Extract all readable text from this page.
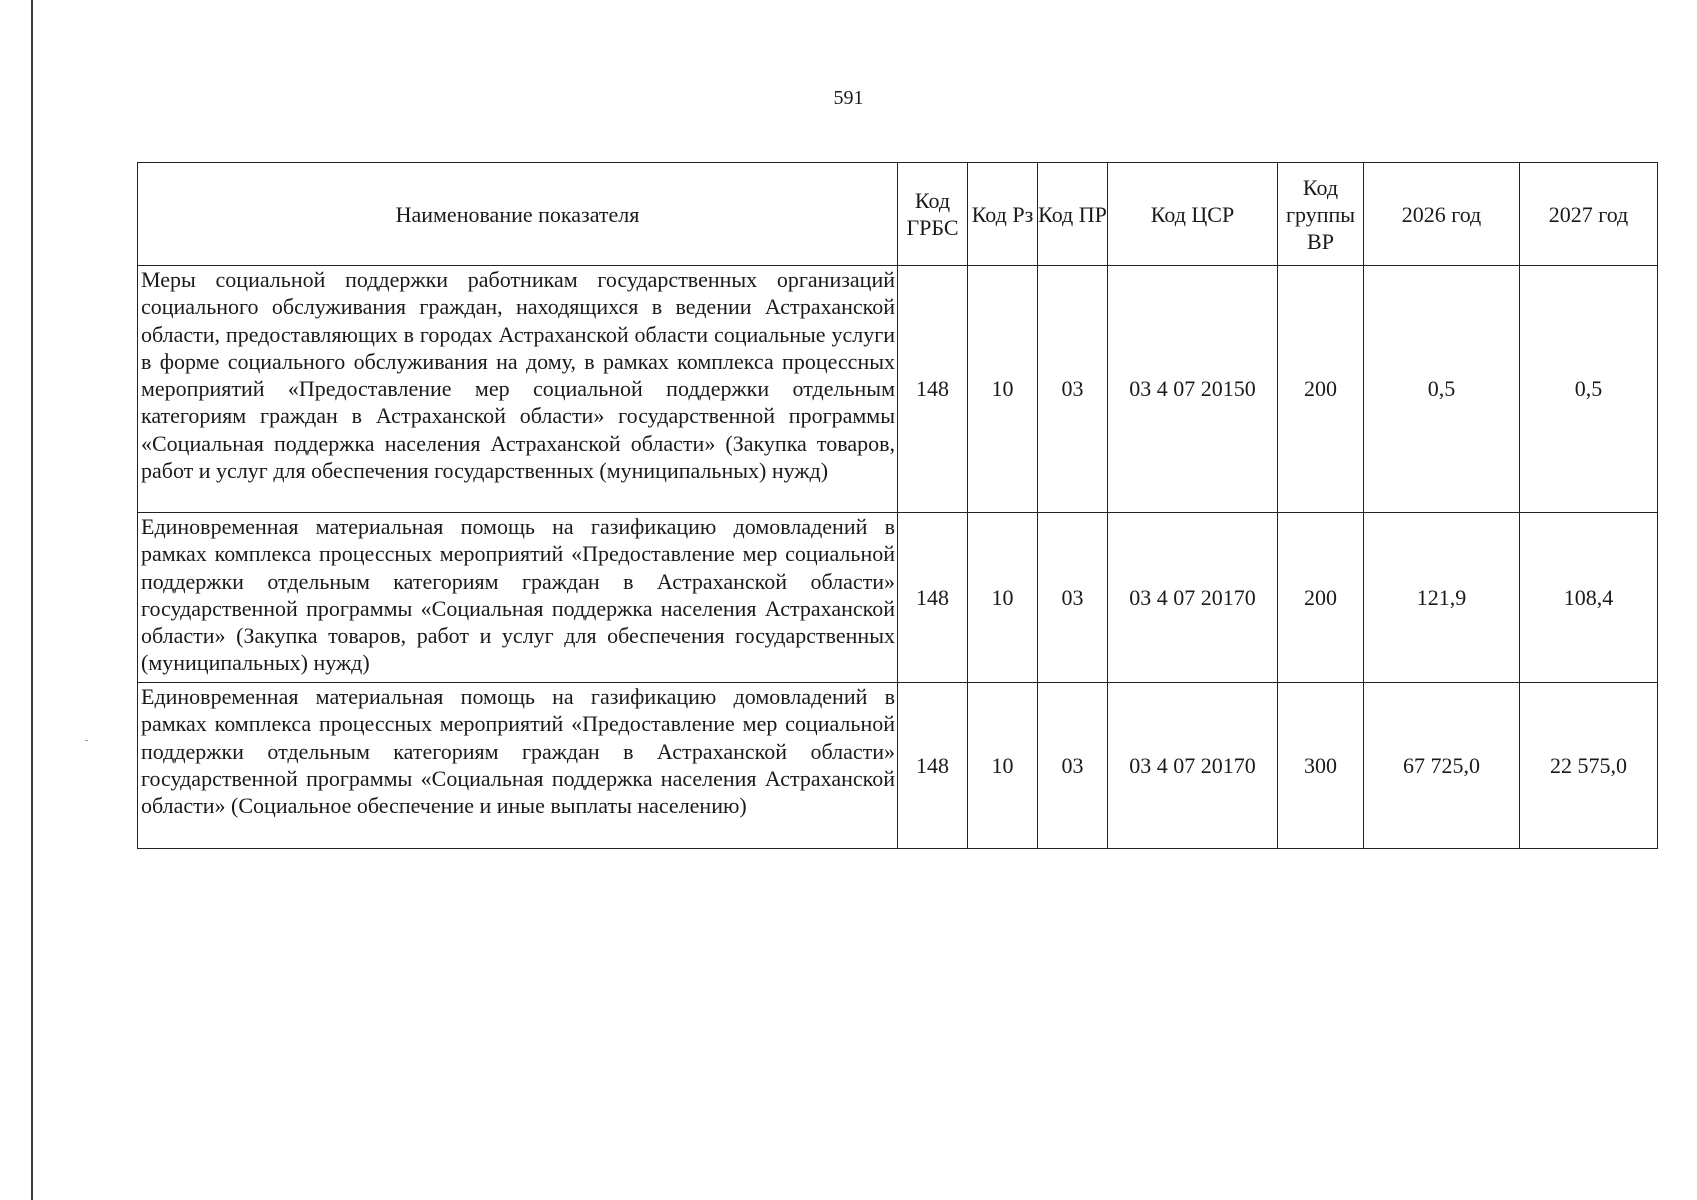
591
Наименование показателя	Код ГРБС	Код Рз	Код ПР	Код ЦСР	Код группы ВР	2026 год	2027 год
Меры социальной поддержки работникам государственных организаций социального обслуживания граждан, находящихся в ведении Астраханской области, предоставляющих в городах Астраханской области социальные услуги в форме социального обслуживания на дому, в рамках комплекса процессных мероприятий «Предоставление мер социальной поддержки отдельным категориям граждан в Астраханской области» государственной программы «Социальная поддержка населения Астраханской области» (Закупка товаров, работ и услуг для обеспечения государственных (муниципальных) нужд)	148	10	03	03 4 07 20150	200	0,5	0,5
Единовременная материальная помощь на газификацию домовладений в рамках комплекса процессных мероприятий «Предоставление мер социальной поддержки отдельным категориям граждан в Астраханской области» государственной программы «Социальная поддержка населения Астраханской области» (Закупка товаров, работ и услуг для обеспечения государственных (муниципальных) нужд)	148	10	03	03 4 07 20170	200	121,9	108,4
Единовременная материальная помощь на газификацию домовладений в рамках комплекса процессных мероприятий «Предоставление мер социальной поддержки отдельным категориям граждан в Астраханской области» государственной программы «Социальная поддержка населения Астраханской области» (Социальное обеспечение и иные выплаты населению)	148	10	03	03 4 07 20170	300	67 725,0	22 575,0
